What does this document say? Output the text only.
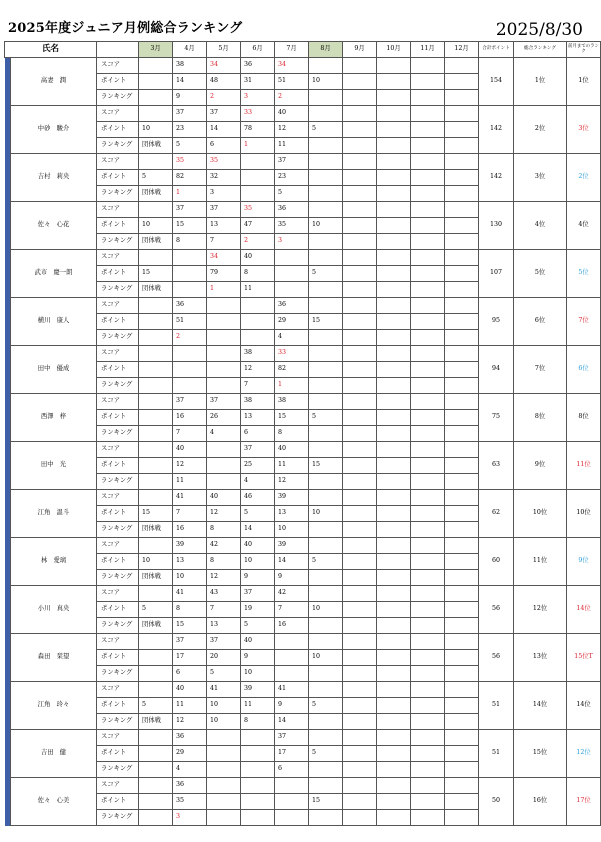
2025年度ジュニア月例総合ランキング	2025/8/30
氏名			3月	4月	5月	6月	7月	8月	9月	10月	11月	12月	合計ポイント	総合ランキング	前月までのランク
	高妻　潤	スコア		38	34	36	34						154	1位	1位
		ポイント		14	48	31	51	10							
		ランキング		9	2	3	2								
	中砂　駿介	スコア		37	37	33	40						142	2位	3位
		ポイント	10	23	14	78	12	5							
		ランキング	団体戦	5	6	1	11								
	吉村　莉央	スコア		35	35		37						142	3位	2位
		ポイント	5	82	32		23								
		ランキング	団体戦	1	3		5								
	佐々　心花	スコア		37	37	35	36						130	4位	4位
		ポイント	10	15	13	47	35	10							
		ランキング	団体戦	8	7	2	3								
	武市　慶一朗	スコア			34	40							107	5位	5位
		ポイント	15		79	8		5							
		ランキング	団体戦		1	11									
	横川　康人	スコア		36			36						95	6位	7位
		ポイント		51			29	15							
		ランキング		2			4								
	田中　優成	スコア				38	33						94	7位	6位
		ポイント				12	82								
		ランキング				7	1								
	西澤　梓	スコア		37	37	38	38						75	8位	8位
		ポイント		16	26	13	15	5							
		ランキング		7	4	6	8								
	田中　光	スコア		40		37	40						63	9位	11位
		ポイント		12		25	11	15							
		ランキング		11		4	12								
	江角　温斗	スコア		41	40	46	39						62	10位	10位
		ポイント	15	7	12	5	13	10							
		ランキング	団体戦	16	8	14	10								
	林　愛璃	スコア		39	42	40	39						60	11位	9位
		ポイント	10	13	8	10	14	5							
		ランキング	団体戦	10	12	9	9								
	小川　真央	スコア		41	43	37	42						56	12位	14位
		ポイント	5	8	7	19	7	10							
		ランキング	団体戦	15	13	5	16								
	森田　栞望	スコア		37	37	40							56	13位	15位T
		ポイント		17	20	9		10							
		ランキング		6	5	10									
	江角　玲々	スコア		40	41	39	41						51	14位	14位
		ポイント	5	11	10	11	9	5							
		ランキング	団体戦	12	10	8	14								
	吉田　健	スコア		36			37						51	15位	12位
		ポイント		29			17	5							
		ランキング		4			6								
	佐々　心美	スコア		36									50	16位	17位
		ポイント		35				15							
		ランキング		3											
